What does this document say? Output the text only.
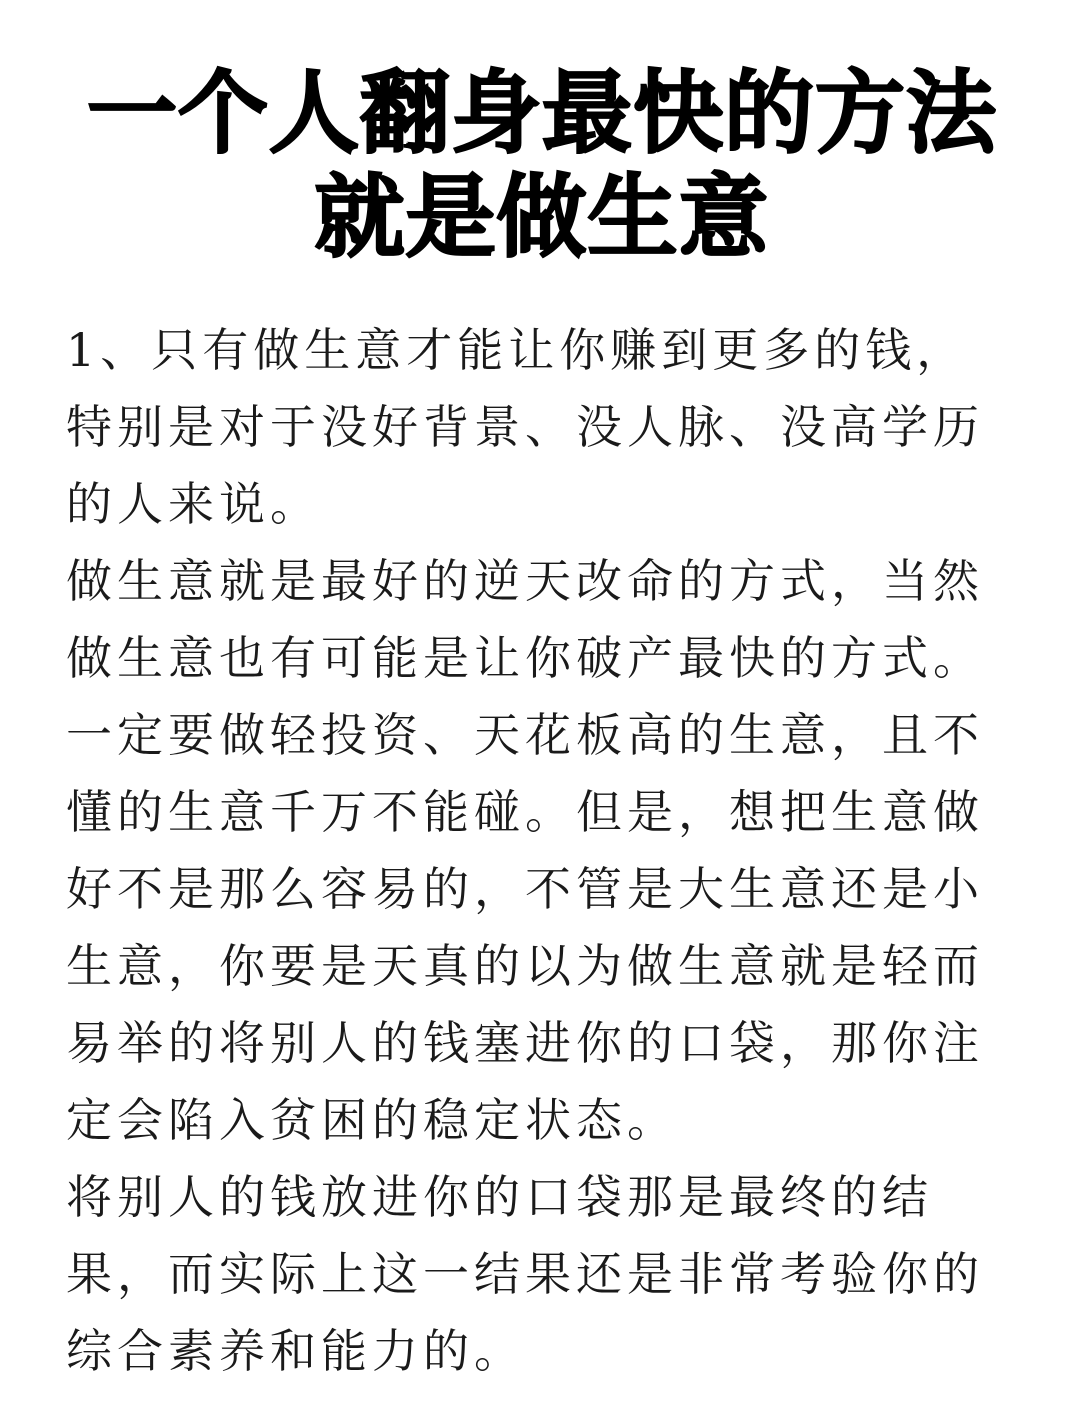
一个人翻身最快的方法
就是做生意

1、只有做生意才能让你赚到更多的钱，特别是对于没好背景、没人脉、没高学历的人来说。

做生意就是最好的逆天改命的方式，当然做生意也有可能是让你破产最快的方式。

一定要做轻投资、天花板高的生意，且不懂的生意千万不能碰。但是，想把生意做好不是那么容易的，不管是大生意还是小生意，你要是天真的以为做生意就是轻而易举的将别人的钱塞进你的口袋，那你注定会陷入贫困的稳定状态。

将别人的钱放进你的口袋那是最终的结果，而实际上这一结果还是非常考验你的综合素养和能力的。
